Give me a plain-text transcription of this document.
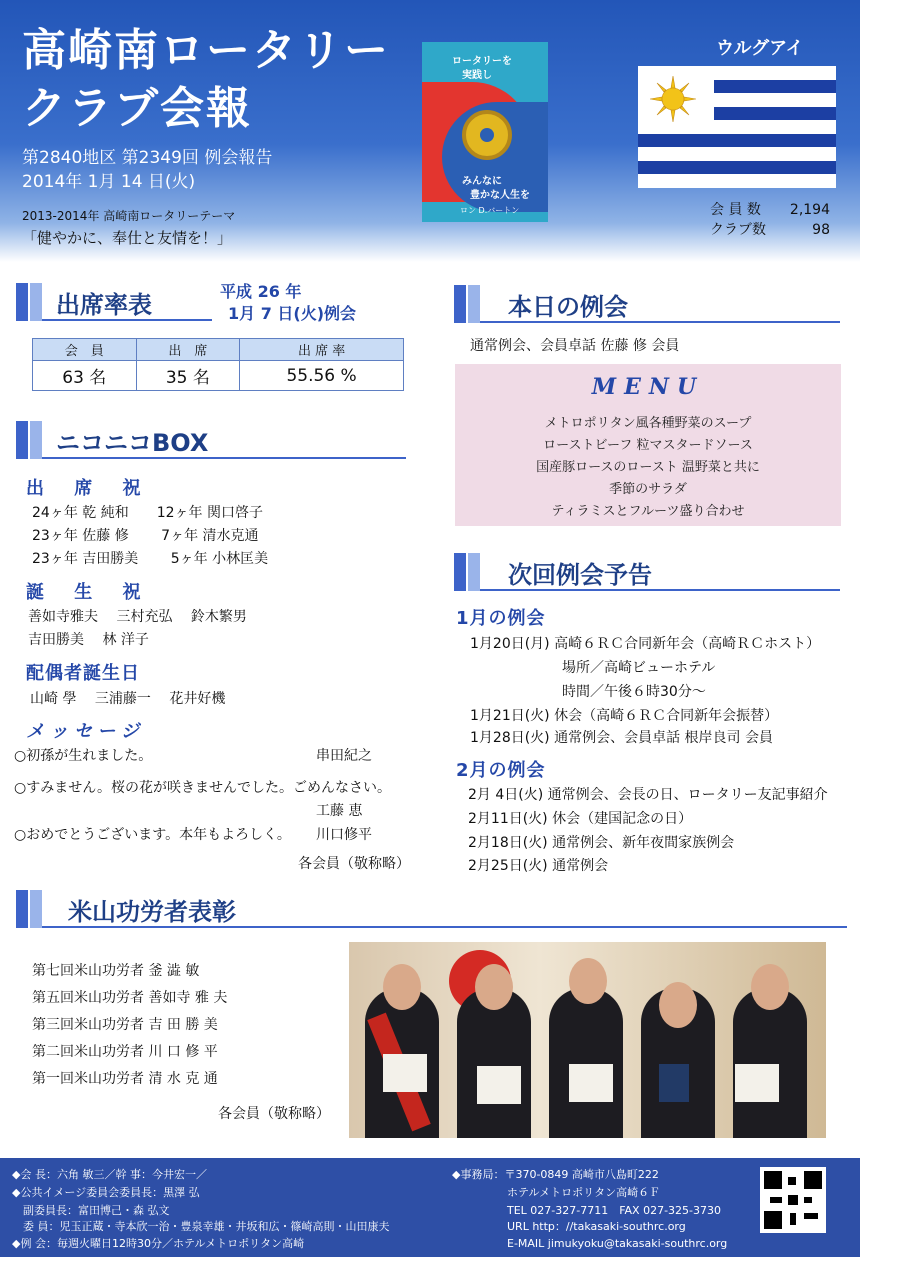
高崎南ロータリー
クラブ会報
第2840地区 第2349回 例会報告
2014年 1月 14 日(火)
2013-2014年 高崎南ロータリーテーマ
「健やかに、奉仕と友情を！」
ロータリーを
実践し
みんなに
豊かな人生を
ロン D.バートン
ウルグアイ
会 員 数 2,194
クラブ数	98
出席率表	平成 26 年
1月 7 日(火)例会
会　員	出　席	出 席 率
63 名	35 名	55.56 %
ニコニコBOX
出 席 祝
24ヶ年 乾 純和　　12ヶ年 関口啓子
23ヶ年 佐藤 修　　 7ヶ年 清水克通
23ヶ年 吉田勝美　　 5ヶ年 小林匡美
誕 生 祝
善如寺雅夫　 三村充弘　 鈴木繁男
吉田勝美　 林 洋子
配偶者誕生日
山崎 學　 三浦藤一　 花井好機
メッセージ
○初孫が生れました。	串田紀之
○すみません。桜の花が咲きませんでした。ごめんなさい。
工藤 恵
○おめでとうございます。本年もよろしく。 川口修平
各会員（敬称略）
本日の例会
通常例会、会員卓話 佐藤 修 会員
MENU
メトロポリタン風各種野菜のスープ
ローストビーフ 粒マスタードソース
国産豚ロースのロースト 温野菜と共に
季節のサラダ
ティラミスとフルーツ盛り合わせ
次回例会予告
1月の例会
1月20日(月) 高崎６ＲＣ合同新年会（高崎ＲＣホスト）
場所／高崎ビューホテル
時間／午後６時30分～
1月21日(火) 休会（高崎６ＲＣ合同新年会振替）
1月28日(火) 通常例会、会員卓話 根岸良司 会員
2月の例会
2月 4日(火) 通常例会、会長の日、ロータリー友記事紹介
2月11日(火) 休会（建国記念の日）
2月18日(火) 通常例会、新年夜間家族例会
2月25日(火) 通常例会
米山功労者表彰
第七回米山功労者 釜 澁 敏
第五回米山功労者 善如寺 雅 夫
第三回米山功労者 吉 田 勝 美
第二回米山功労者 川 口 修 平
第一回米山功労者 清 水 克 通
各会員（敬称略）
◆会 長：六角 敏三／幹 事：今井宏一／
◆公共イメージ委員会委員長：黒澤 弘
　副委員長：富田博己・森 弘文
　委 員：児玉正蔵・寺本欣一治・豊泉幸雄・井坂和広・篠崎高則・山田康夫
◆例 会：毎週火曜日12時30分／ホテルメトロポリタン高崎
◆事務局：〒370-0849 高崎市八島町222
　　　　　ホテルメトロポリタン高崎６Ｆ
　　　　　TEL 027-327-7711　FAX 027-325-3730
　　　　　URL http：//takasaki-southrc.org
　　　　　E-MAIL jimukyoku@takasaki-southrc.org
